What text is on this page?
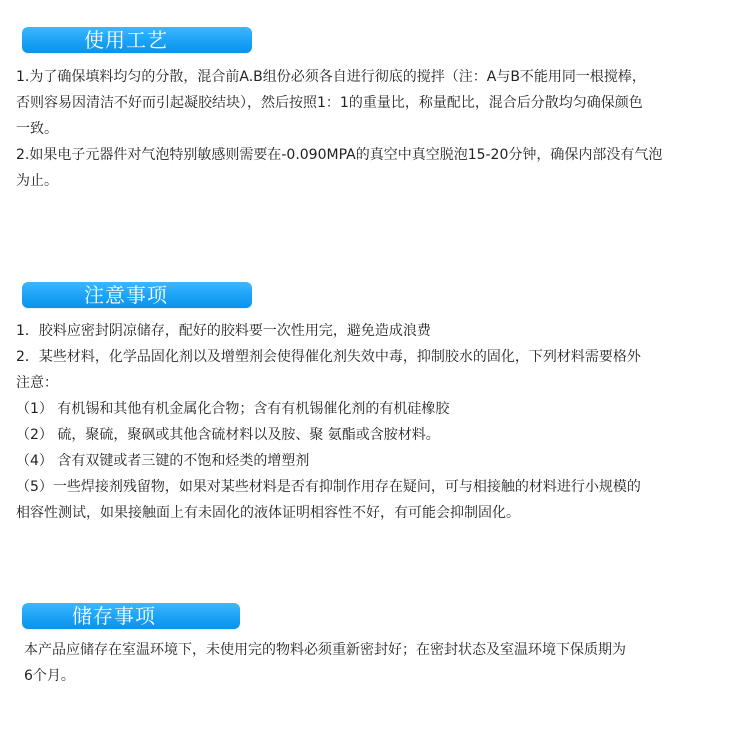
使用工艺
1.为了确保填料均匀的分散，混合前A.B组份必须各自进行彻底的搅拌（注：A与B不能用同一根搅棒，
否则容易因清洁不好而引起凝胶结块），然后按照1：1的重量比，称量配比，混合后分散均匀确保颜色
一致。
2.如果电子元器件对气泡特别敏感则需要在-0.090MPA的真空中真空脱泡15-20分钟，确保内部没有气泡
为止。
注意事项
1．胶料应密封阴凉储存，配好的胶料要一次性用完，避免造成浪费
2．某些材料，化学品固化剂以及增塑剂会使得催化剂失效中毒，抑制胶水的固化，下列材料需要格外
注意：
（1） 有机锡和其他有机金属化合物；含有有机锡催化剂的有机硅橡胶
（2） 硫，聚硫，聚砜或其他含硫材料以及胺、聚 氨酯或含胺材料。
（4） 含有双键或者三键的不饱和烃类的增塑剂
（5）一些焊接剂残留物，如果对某些材料是否有抑制作用存在疑问，可与相接触的材料进行小规模的
相容性测试，如果接触面上有未固化的液体证明相容性不好，有可能会抑制固化。
储存事项
本产品应储存在室温环境下，未使用完的物料必须重新密封好；在密封状态及室温环境下保质期为
6个月。
